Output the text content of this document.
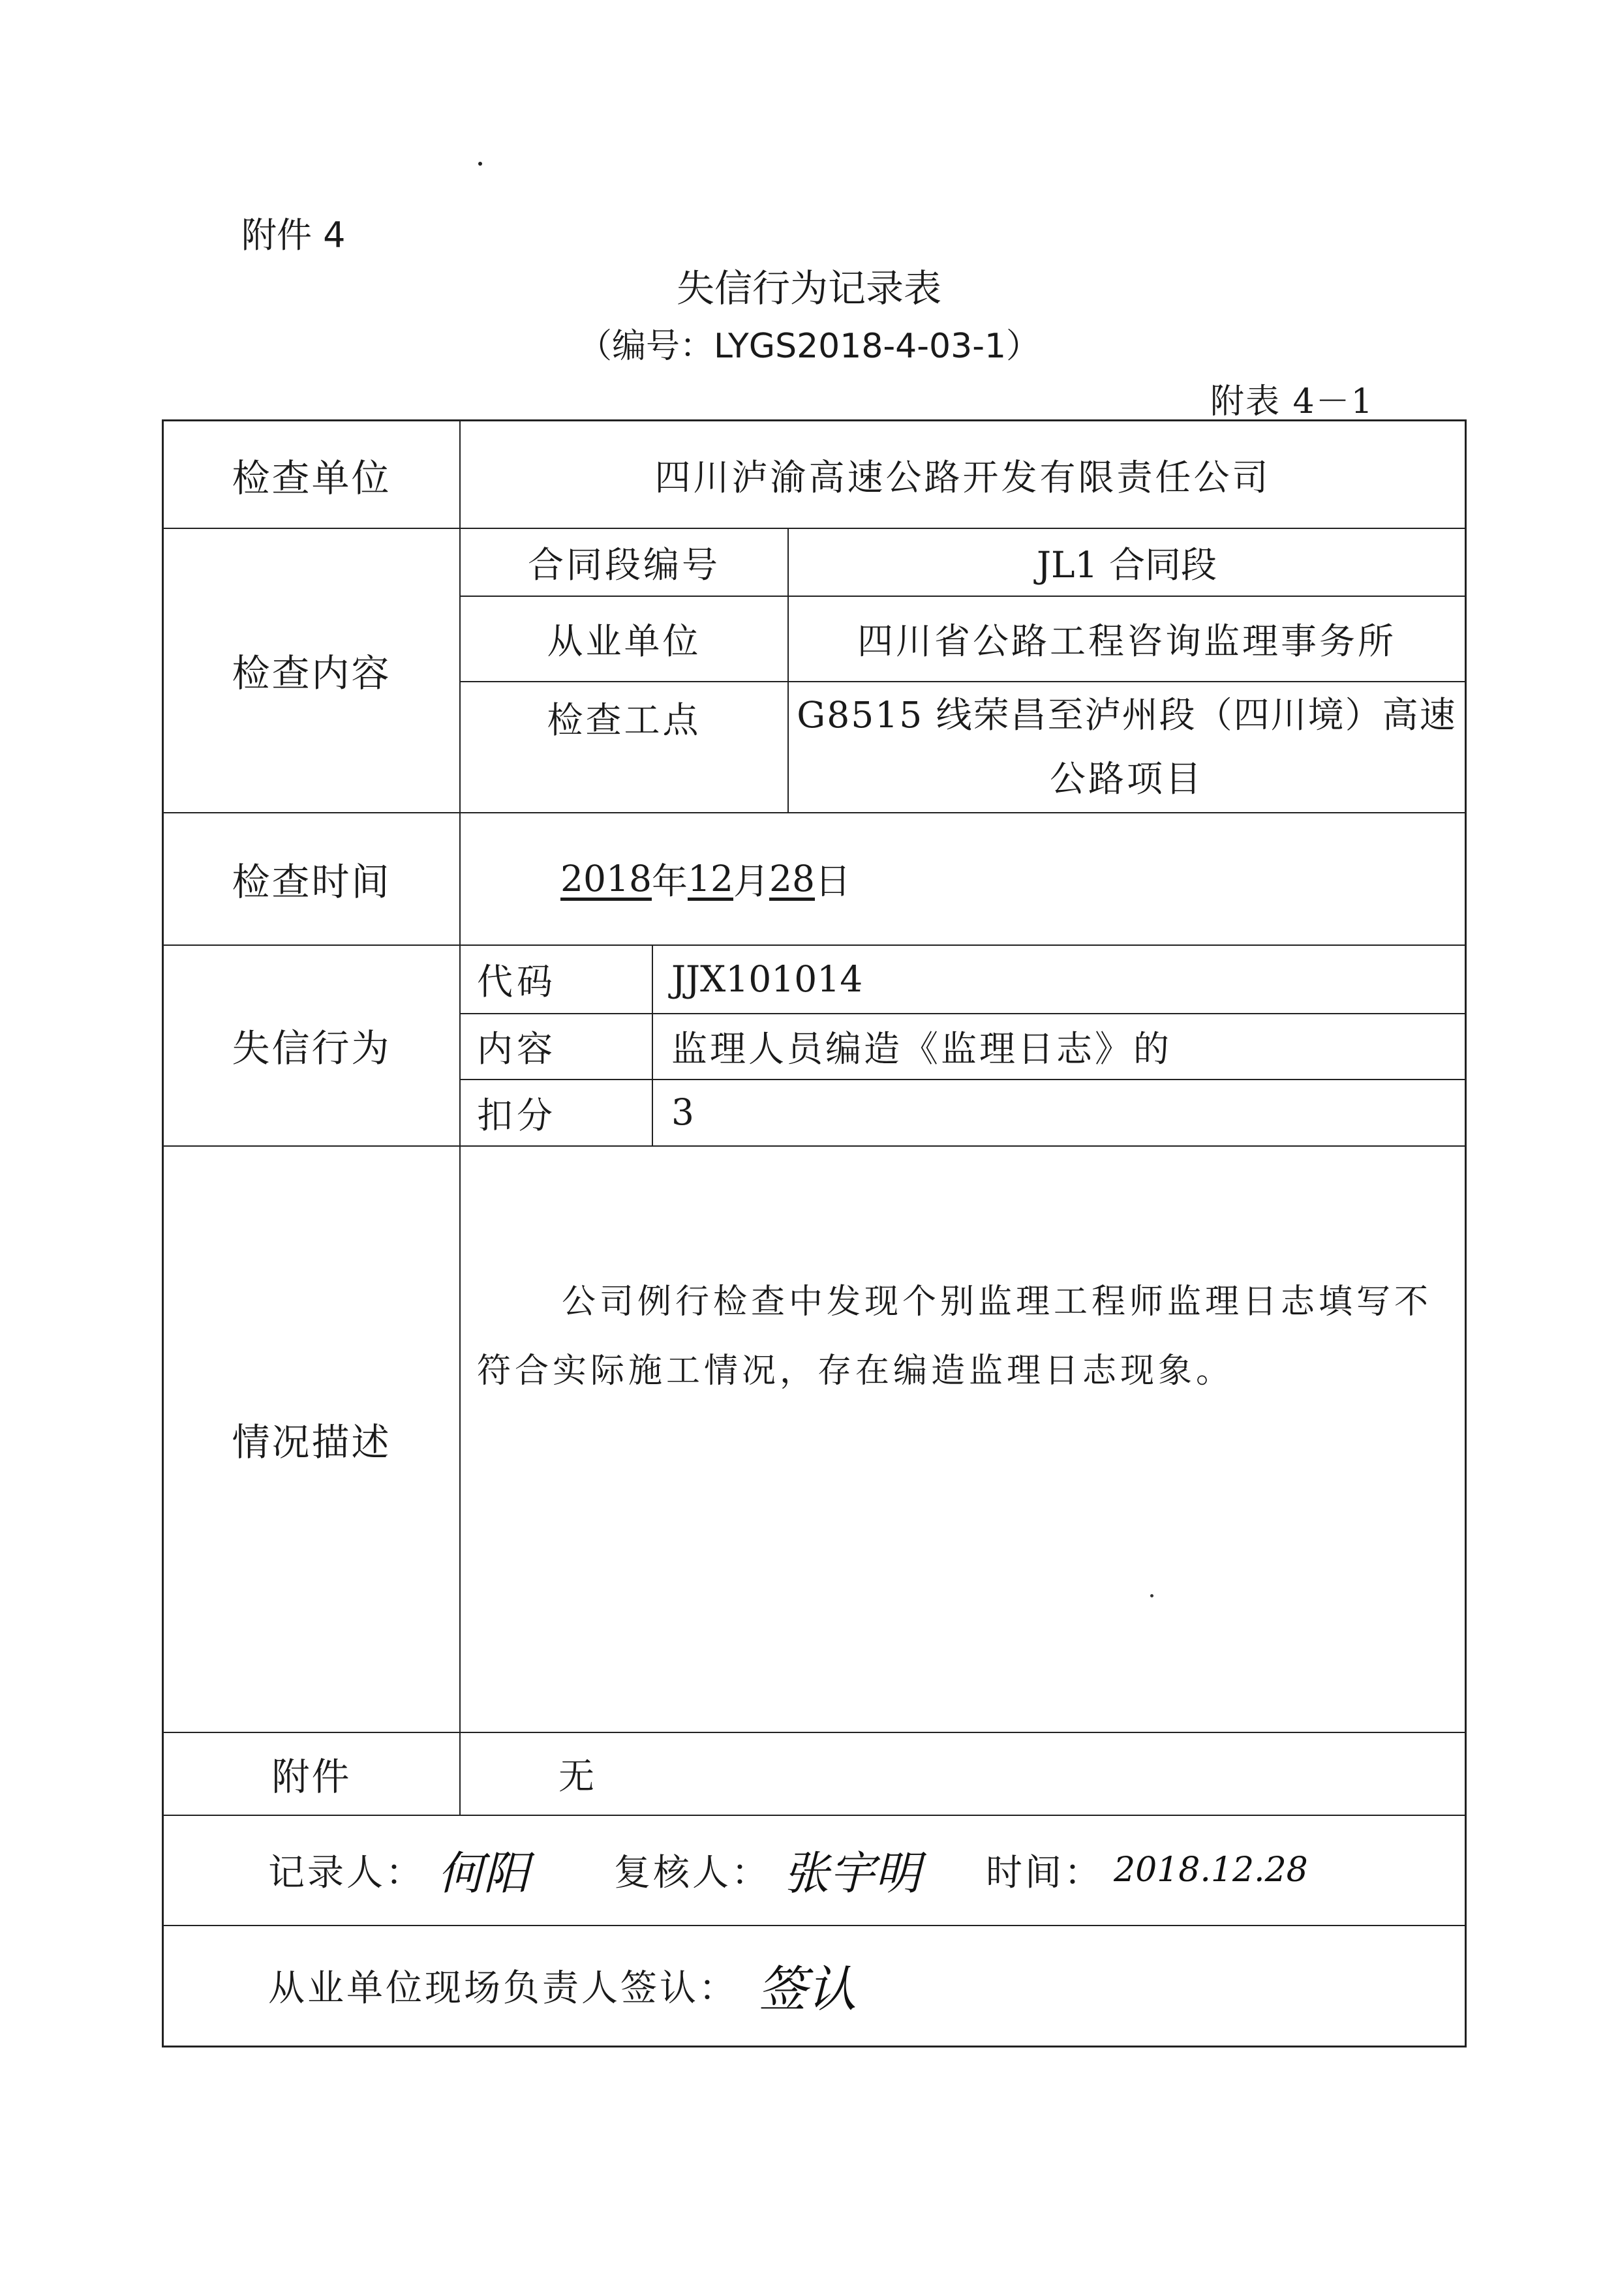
附件 4
失信行为记录表
（编号：LYGS2018-4-03-1）
附表 4－1
检查单位	四川泸渝高速公路开发有限责任公司
检查内容
合同段编号	JL1 合同段
从业单位	四川省公路工程咨询监理事务所
检查工点	G8515 线荣昌至泸州段（四川境）高速
公路项目
检查时间	2018 年 12 月 28 日
失信行为
代码	JJX101014
内容	监理人员编造《监理日志》的
扣分	3
情况描述
公司例行检查中发现个别监理工程师监理日志填写不
符合实际施工情况，存在编造监理日志现象。
附件	无
记录人： 何阳	复核人： 张宇明	时间： 2018.12.28
从业单位现场负责人签认： 签认
